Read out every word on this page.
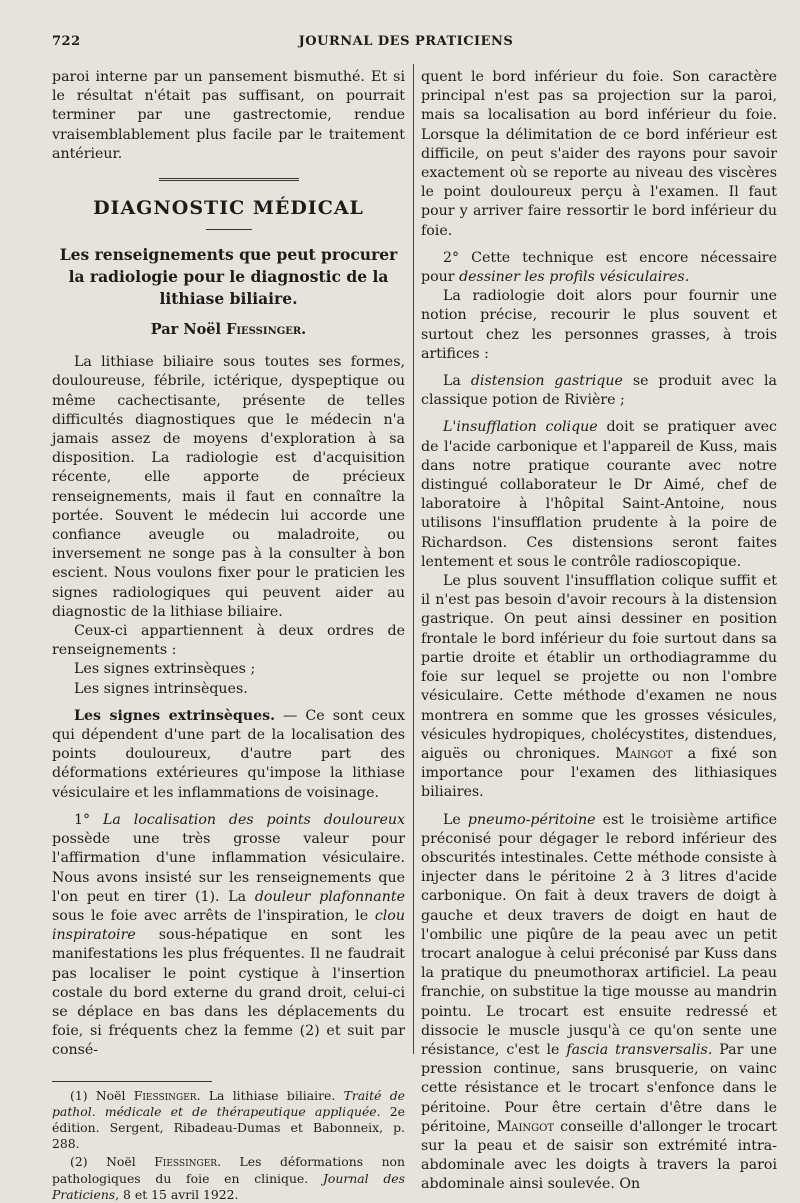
722	JOURNAL DES PRATICIENS

paroi interne par un pansement bismuthé. Et si le résultat n'était pas suffisant, on pourrait terminer par une gastrectomie, rendue vraisemblablement plus facile par le traitement antérieur.

DIAGNOSTIC MÉDICAL
Les renseignements que peut procurer
la radiologie pour le diagnostic de la lithiase biliaire.
Par Noël Fiessinger.

La lithiase biliaire sous toutes ses formes, douloureuse, fébrile, ictérique, dyspeptique ou même cachectisante, présente de telles difficultés diagnostiques que le médecin n'a jamais assez de moyens d'exploration à sa disposition. La radiologie est d'acquisition récente, elle apporte de précieux renseignements, mais il faut en connaître la portée. Souvent le médecin lui accorde une confiance aveugle ou maladroite, ou inversement ne songe pas à la consulter à bon escient. Nous voulons fixer pour le praticien les signes radiologiques qui peuvent aider au diagnostic de la lithiase biliaire.

Ceux-ci appartiennent à deux ordres de renseignements :

Les signes extrinsèques ;

Les signes intrinsèques.

Les signes extrinsèques. — Ce sont ceux qui dépendent d'une part de la localisation des points douloureux, d'autre part des déformations extérieures qu'impose la lithiase vésiculaire et les inflammations de voisinage.

1° La localisation des points douloureux possède une très grosse valeur pour l'affirmation d'une inflammation vésiculaire. Nous avons insisté sur les renseignements que l'on peut en tirer (1). La douleur plafonnante sous le foie avec arrêts de l'inspiration, le clou inspiratoire sous-hépatique en sont les manifestations les plus fréquentes. Il ne faudrait pas localiser le point cystique à l'insertion costale du bord externe du grand droit, celui-ci se déplace en bas dans les déplacements du foie, si fréquents chez la femme (2) et suit par consé-

(1) Noël Fiessinger. La lithiase biliaire. Traité de pathol. médicale et de thérapeutique appliquée. 2e édition. Sergent, Ribadeau-Dumas et Babonneix, p. 288.

(2) Noël Fiessinger. Les déformations non pathologiques du foie en clinique. Journal des Praticiens, 8 et 15 avril 1922.

quent le bord inférieur du foie. Son caractère principal n'est pas sa projection sur la paroi, mais sa localisation au bord inférieur du foie. Lorsque la délimitation de ce bord inférieur est difficile, on peut s'aider des rayons pour savoir exactement où se reporte au niveau des viscères le point douloureux perçu à l'examen. Il faut pour y arriver faire ressortir le bord inférieur du foie.

2° Cette technique est encore nécessaire pour dessiner les profils vésiculaires.

La radiologie doit alors pour fournir une notion précise, recourir le plus souvent et surtout chez les personnes grasses, à trois artifices :

La distension gastrique se produit avec la classique potion de Rivière ;

L'insufflation colique doit se pratiquer avec de l'acide carbonique et l'appareil de Kuss, mais dans notre pratique courante avec notre distingué collaborateur le Dr Aimé, chef de laboratoire à l'hôpital Saint-Antoine, nous utilisons l'insufflation prudente à la poire de Richardson. Ces distensions seront faites lentement et sous le contrôle radioscopique.

Le plus souvent l'insufflation colique suffit et il n'est pas besoin d'avoir recours à la distension gastrique. On peut ainsi dessiner en position frontale le bord inférieur du foie surtout dans sa partie droite et établir un orthodiagramme du foie sur lequel se projette ou non l'ombre vésiculaire. Cette méthode d'examen ne nous montrera en somme que les grosses vésicules, vésicules hydropiques, cholécystites, distendues, aiguës ou chroniques. Maingot a fixé son importance pour l'examen des lithiasiques biliaires.

Le pneumo-péritoine est le troisième artifice préconisé pour dégager le rebord inférieur des obscurités intestinales. Cette méthode consiste à injecter dans le péritoine 2 à 3 litres d'acide carbonique. On fait à deux travers de doigt à gauche et deux travers de doigt en haut de l'ombilic une piqûre de la peau avec un petit trocart analogue à celui préconisé par Kuss dans la pratique du pneumothorax artificiel. La peau franchie, on substitue la tige mousse au mandrin pointu. Le trocart est ensuite redressé et dissocie le muscle jusqu'à ce qu'on sente une résistance, c'est le fascia transversalis. Par une pression continue, sans brusquerie, on vainc cette résistance et le trocart s'enfonce dans le péritoine. Pour être certain d'être dans le péritoine, Maingot conseille d'allonger le trocart sur la peau et de saisir son extrémité intra-abdominale avec les doigts à travers la paroi abdominale ainsi soulevée. On
